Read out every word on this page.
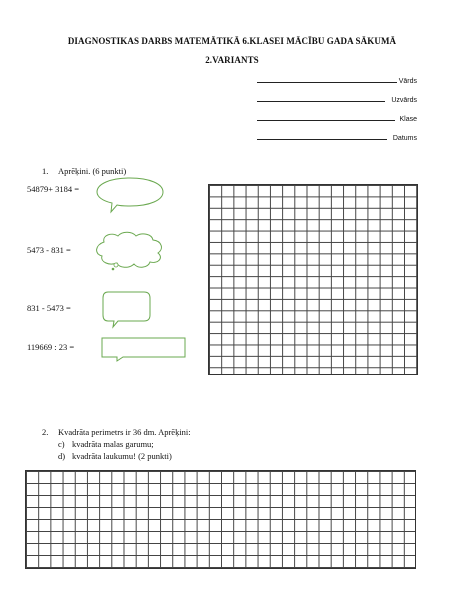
DIAGNOSTIKAS DARBS MATEMĀTIKĀ 6.KLASEI MĀCĪBU GADA SĀKUMĀ
2.VARIANTS
Vārds
Uzvārds
Klase
Datums
1. Aprēķini. (6 punkti)
54879+ 3184 =
5473 - 831 =
831 - 5473 =
119669 : 23 =
2. Kvadrāta perimetrs ir 36 dm. Aprēķini:
c) kvadrāta malas garumu;
d) kvadrāta laukumu! (2 punkti)
